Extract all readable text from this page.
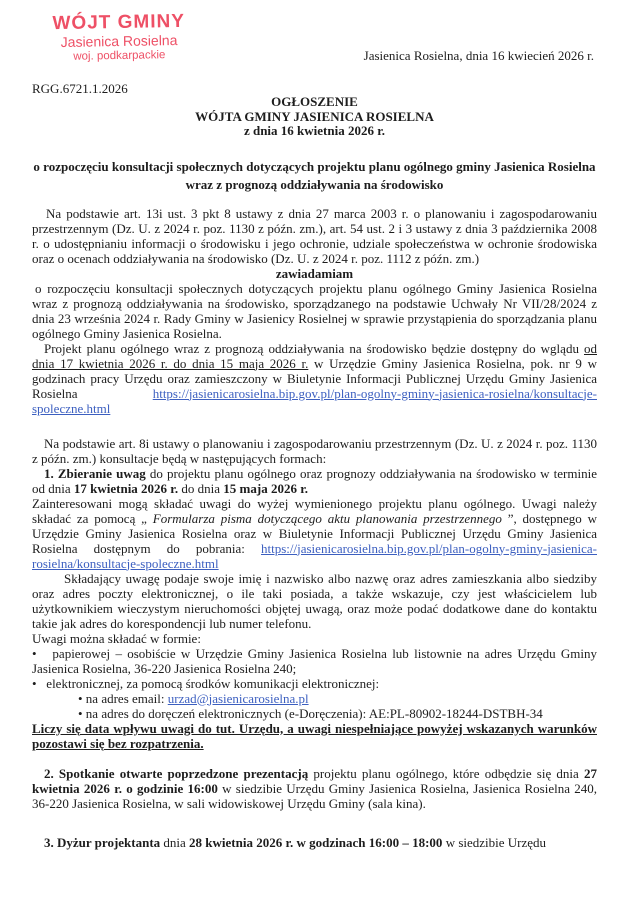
WÓJT GMINY
Jasienica Rosielna
woj. podkarpackie	Jasienica Rosielna, dnia 16 kwiecień 2026 r.
RGG.6721.1.2026
OGŁOSZENIE
WÓJTA GMINY JASIENICA ROSIELNA
z dnia 16 kwietnia 2026 r.
o rozpoczęciu konsultacji społecznych dotyczących projektu planu ogólnego gminy Jasienica Rosielna wraz z prognozą oddziaływania na środowisko

Na podstawie art. 13i ust. 3 pkt 8 ustawy z dnia 27 marca 2003 r. o planowaniu i zagospodarowaniu przestrzennym (Dz. U. z 2024 r. poz. 1130 z późn. zm.), art. 54 ust. 2 i 3 ustawy z dnia 3 października 2008 r. o udostępnianiu informacji o środowisku i jego ochronie, udziale społeczeństwa w ochronie środowiska oraz o ocenach oddziaływania na środowisko (Dz. U. z 2024 r. poz. 1112 z późn. zm.)

zawiadamiam

o rozpoczęciu konsultacji społecznych dotyczących projektu planu ogólnego Gminy Jasienica Rosielna wraz z prognozą oddziaływania na środowisko, sporządzanego na podstawie Uchwały Nr VII/28/2024 z dnia 23 września 2024 r. Rady Gminy w Jasienicy Rosielnej w sprawie przystąpienia do sporządzania planu ogólnego Gminy Jasienica Rosielna.

Projekt planu ogólnego wraz z prognozą oddziaływania na środowisko będzie dostępny do wglądu od dnia 17 kwietnia 2026 r. do dnia 15 maja 2026 r. w Urzędzie Gminy Jasienica Rosielna, pok. nr 9 w godzinach pracy Urzędu oraz zamieszczony w Biuletynie Informacji Publicznej Urzędu Gminy Jasienica Rosielna https://jasienicarosielna.bip.gov.pl/plan-ogolny-gminy-jasienica-rosielna/konsultacje-spoleczne.html

Na podstawie art. 8i ustawy o planowaniu i zagospodarowaniu przestrzennym (Dz. U. z 2024 r. poz. 1130 z późn. zm.) konsultacje będą w następujących formach:

1. Zbieranie uwag do projektu planu ogólnego oraz prognozy oddziaływania na środowisko w terminie od dnia 17 kwietnia 2026 r. do dnia 15 maja 2026 r.

Zainteresowani mogą składać uwagi do wyżej wymienionego projektu planu ogólnego. Uwagi należy składać za pomocą „ Formularza pisma dotyczącego aktu planowania przestrzennego ”, dostępnego w Urzędzie Gminy Jasienica Rosielna oraz w Biuletynie Informacji Publicznej Urzędu Gminy Jasienica Rosielna dostępnym do pobrania: https://jasienicarosielna.bip.gov.pl/plan-ogolny-gminy-jasienica-rosielna/konsultacje-spoleczne.html

Składający uwagę podaje swoje imię i nazwisko albo nazwę oraz adres zamieszkania albo siedziby oraz adres poczty elektronicznej, o ile taki posiada, a także wskazuje, czy jest właścicielem lub użytkownikiem wieczystym nieruchomości objętej uwagą, oraz może podać dodatkowe dane do kontaktu takie jak adres do korespondencji lub numer telefonu.

Uwagi można składać w formie:

•   papierowej – osobiście w Urzędzie Gminy Jasienica Rosielna lub listownie na adres Urzędu Gminy Jasienica Rosielna, 36-220 Jasienica Rosielna 240;

•   elektronicznej, za pomocą środków komunikacji elektronicznej:

• na adres email: urzad@jasienicarosielna.pl

• na adres do doręczeń elektronicznych (e-Doręczenia): AE:PL-80902-18244-DSTBH-34

Liczy się data wpływu uwagi do tut. Urzędu, a uwagi niespełniające powyżej wskazanych warunków pozostawi się bez rozpatrzenia.

2. Spotkanie otwarte poprzedzone prezentacją projektu planu ogólnego, które odbędzie się dnia 27 kwietnia 2026 r. o godzinie 16:00 w siedzibie Urzędu Gminy Jasienica Rosielna, Jasienica Rosielna 240, 36-220 Jasienica Rosielna, w sali widowiskowej Urzędu Gminy (sala kina).

3. Dyżur projektanta dnia 28 kwietnia 2026 r. w godzinach 16:00 – 18:00 w siedzibie Urzędu
